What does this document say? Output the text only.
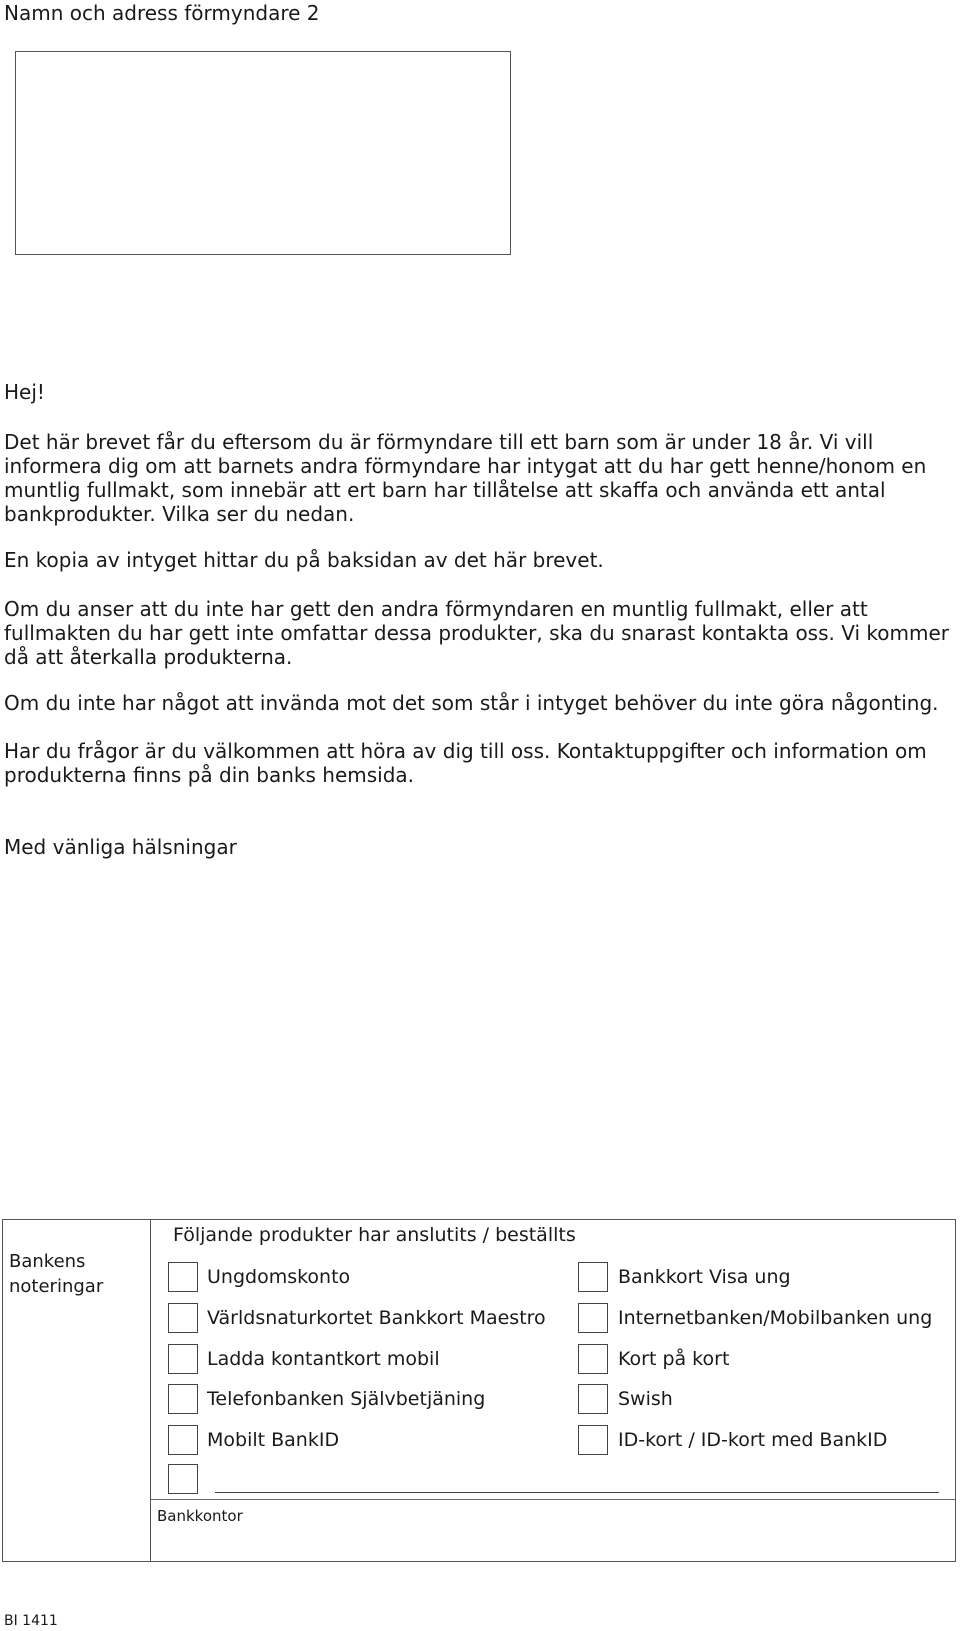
Namn och adress förmyndare 2

Hej!

Det här brevet får du eftersom du är förmyndare till ett barn som är under 18 år. Vi vill informera dig om att barnets andra förmyndare har intygat att du har gett henne/honom en muntlig fullmakt, som innebär att ert barn har tillåtelse att skaffa och använda ett antal bankprodukter. Vilka ser du nedan.

En kopia av intyget hittar du på baksidan av det här brevet.

Om du anser att du inte har gett den andra förmyndaren en muntlig fullmakt, eller att fullmakten du har gett inte omfattar dessa produkter, ska du snarast kontakta oss. Vi kommer då att återkalla produkterna.

Om du inte har något att invända mot det som står i intyget behöver du inte göra någonting.

Har du frågor är du välkommen att höra av dig till oss. Kontaktuppgifter och information om produkterna finns på din banks hemsida.

Med vänliga hälsningar

Bankens
noteringar
Följande produkter har anslutits / beställts
Ungdomskonto
Världsnaturkortet Bankkort Maestro
Ladda kontantkort mobil
Telefonbanken Självbetjäning
Mobilt BankID
Bankkort Visa ung
Internetbanken/Mobilbanken ung
Kort på kort
Swish
ID-kort / ID-kort med BankID
Bankkontor
BI 1411
